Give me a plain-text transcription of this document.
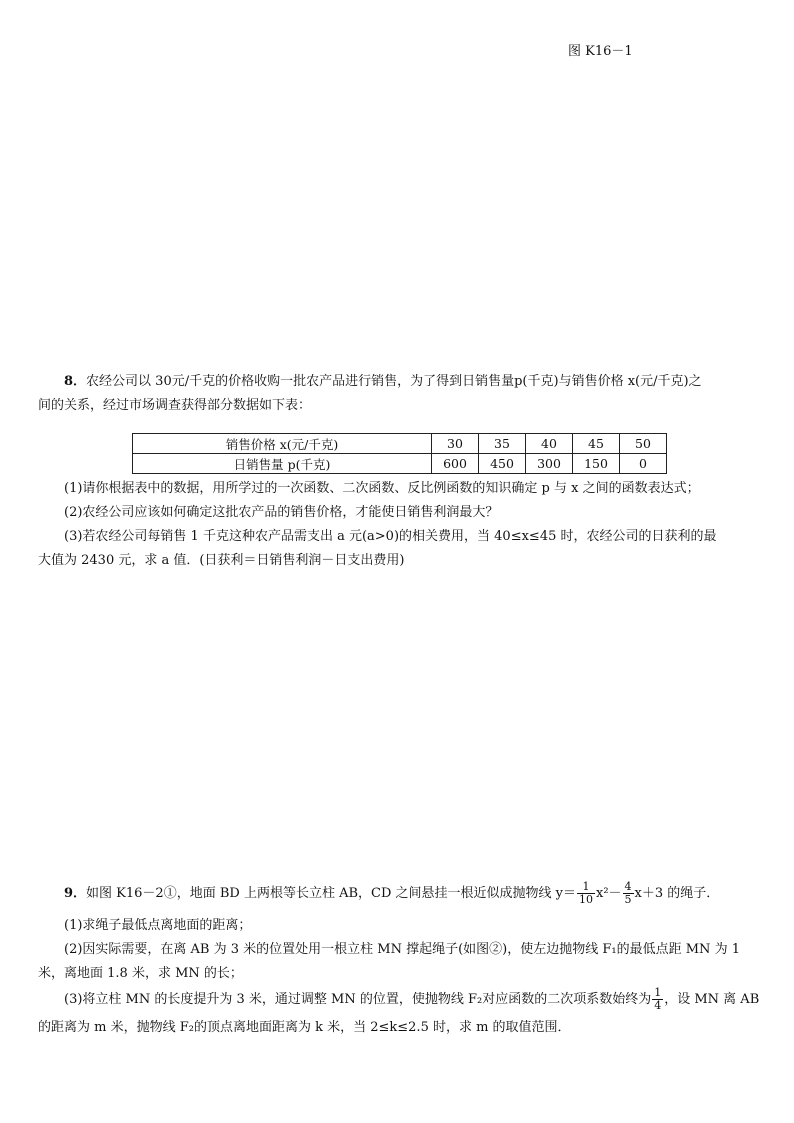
图 K16－1
8．农经公司以 30元/千克的价格收购一批农产品进行销售，为了得到日销售量p(千克)与销售价格 x(元/千克)之
间的关系，经过市场调查获得部分数据如下表：
销售价格 x(元/千克)	30	35	40	45	50
日销售量 p(千克)	600	450	300	150	0
(1)请你根据表中的数据，用所学过的一次函数、二次函数、反比例函数的知识确定 p 与 x 之间的函数表达式；
(2)农经公司应该如何确定这批农产品的销售价格，才能使日销售利润最大？
(3)若农经公司每销售 1 千克这种农产品需支出 a 元(a>0)的相关费用，当 40≤x≤45 时，农经公司的日获利的最
大值为 2430 元，求 a 值．(日获利＝日销售利润－日支出费用)
9．如图 K16－2①，地面 BD 上两根等长立柱 AB，CD 之间悬挂一根近似成抛物线 $y= \frac{1}{10} x^2- \frac{4}{5} x+3$ 的绳子．
(1)求绳子最低点离地面的距离；
(2)因实际需要，在离 AB 为 3 米的位置处用一根立柱 MN 撑起绳子(如图②)，使左边抛物线 F₁的最低点距 MN 为 1
米，离地面 1.8 米，求 MN 的长；
(3)将立柱 MN 的长度提升为 3 米，通过调整 MN 的位置，使抛物线 F₂对应函数的二次项系数始终为 $\frac{1}{4}$ ，设 MN 离 AB
的距离为 m 米，抛物线 F₂的顶点离地面距离为 k 米，当 2≤k≤2.5 时，求 m 的取值范围．
